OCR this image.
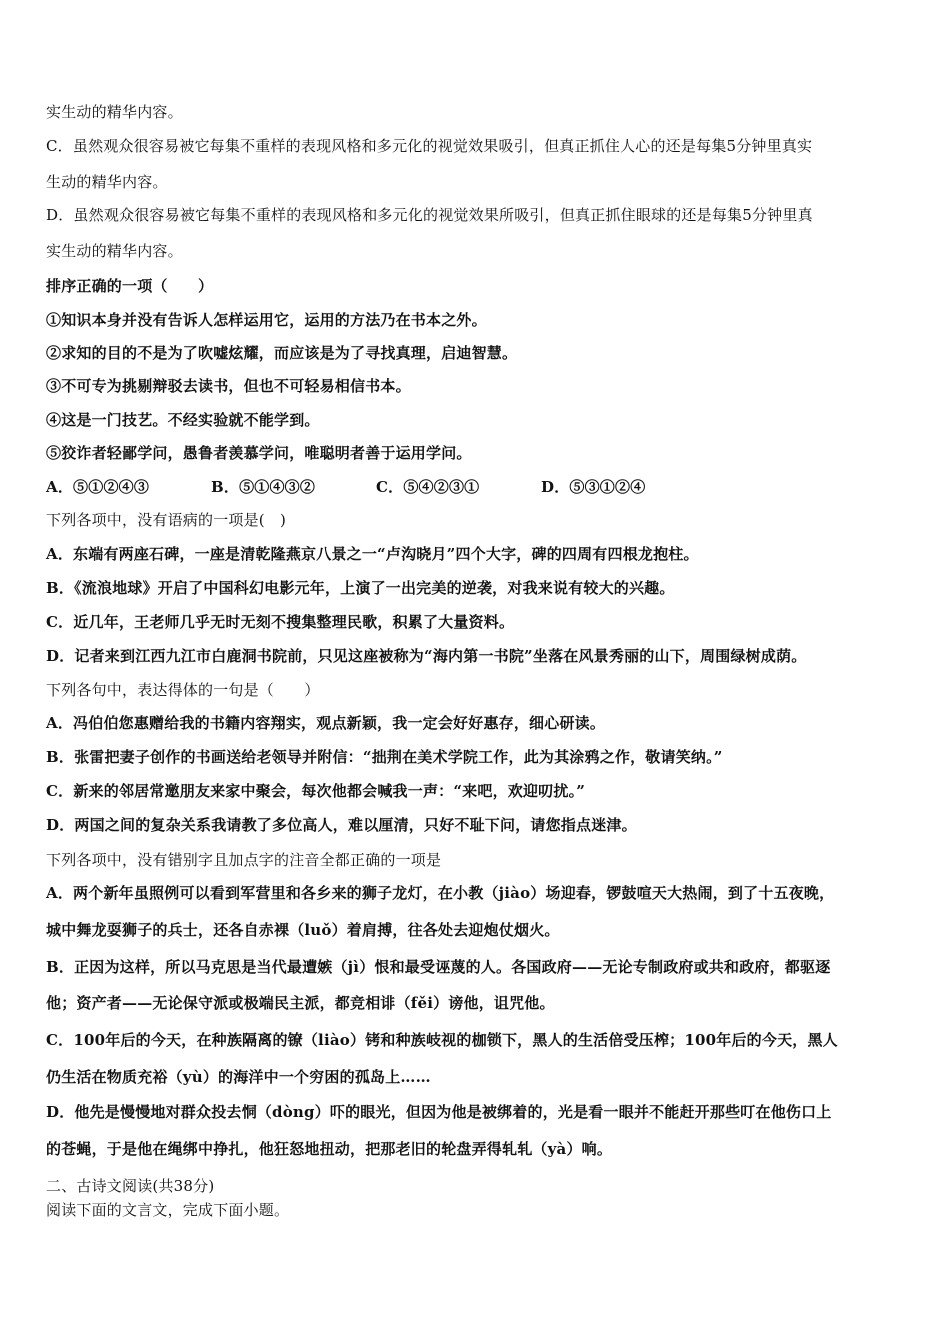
实生动的精华内容。
C．虽然观众很容易被它每集不重样的表现风格和多元化的视觉效果吸引，但真正抓住人心的还是每集5分钟里真实
生动的精华内容。
D．虽然观众很容易被它每集不重样的表现风格和多元化的视觉效果所吸引，但真正抓住眼球的还是每集5分钟里真
实生动的精华内容。
排序正确的一项（　　）
①知识本身并没有告诉人怎样运用它，运用的方法乃在书本之外。
②求知的目的不是为了吹嘘炫耀，而应该是为了寻找真理，启迪智慧。
③不可专为挑剔辩驳去读书，但也不可轻易相信书本。
④这是一门技艺。不经实验就不能学到。
⑤狡诈者轻鄙学问，愚鲁者羡慕学问，唯聪明者善于运用学问。
A．⑤①②④③	B．⑤①④③②	C．⑤④②③①	D．⑤③①②④
下列各项中，没有语病的一项是(　)
A．东端有两座石碑，一座是清乾隆燕京八景之一“卢沟晓月”四个大字，碑的四周有四根龙抱柱。
B．《流浪地球》开启了中国科幻电影元年，上演了一出完美的逆袭，对我来说有较大的兴趣。
C．近几年，王老师几乎无时无刻不搜集整理民歌，积累了大量资料。
D．记者来到江西九江市白鹿洞书院前，只见这座被称为“海内第一书院”坐落在风景秀丽的山下，周围绿树成荫。
下列各句中，表达得体的一句是（　　）
A．冯伯伯您惠赠给我的书籍内容翔实，观点新颖，我一定会好好惠存，细心研读。
B．张雷把妻子创作的书画送给老领导并附信：“拙荆在美术学院工作，此为其涂鸦之作，敬请笑纳。”
C．新来的邻居常邀朋友来家中聚会，每次他都会喊我一声：“来吧，欢迎叨扰。”
D．两国之间的复杂关系我请教了多位高人，难以厘清，只好不耻下问，请您指点迷津。
下列各项中，没有错别字且加点字的注音全都正确的一项是
A．两个新年虽照例可以看到军营里和各乡来的狮子龙灯，在小教（jiào）场迎春，锣鼓喧天大热闹，到了十五夜晚，
城中舞龙耍狮子的兵士，还各自赤裸（luǒ）着肩搏，往各处去迎炮仗烟火。
B．正因为这样，所以马克思是当代最遭嫉（jì）恨和最受诬蔑的人。各国政府——无论专制政府或共和政府，都驱逐
他；资产者——无论保守派或极端民主派，都竞相诽（fěi）谤他，诅咒他。
C．100年后的今天，在种族隔离的镣（liào）铐和种族岐视的枷锁下，黑人的生活倍受压榨；100年后的今天，黑人
仍生活在物质充裕（yù）的海洋中一个穷困的孤岛上……
D．他先是慢慢地对群众投去恫（dòng）吓的眼光，但因为他是被绑着的，光是看一眼并不能赶开那些叮在他伤口上
的苍蝇，于是他在绳绑中挣扎，他狂怒地扭动，把那老旧的轮盘弄得轧轧（yà）响。
二、古诗文阅读(共38分)
阅读下面的文言文，完成下面小题。
